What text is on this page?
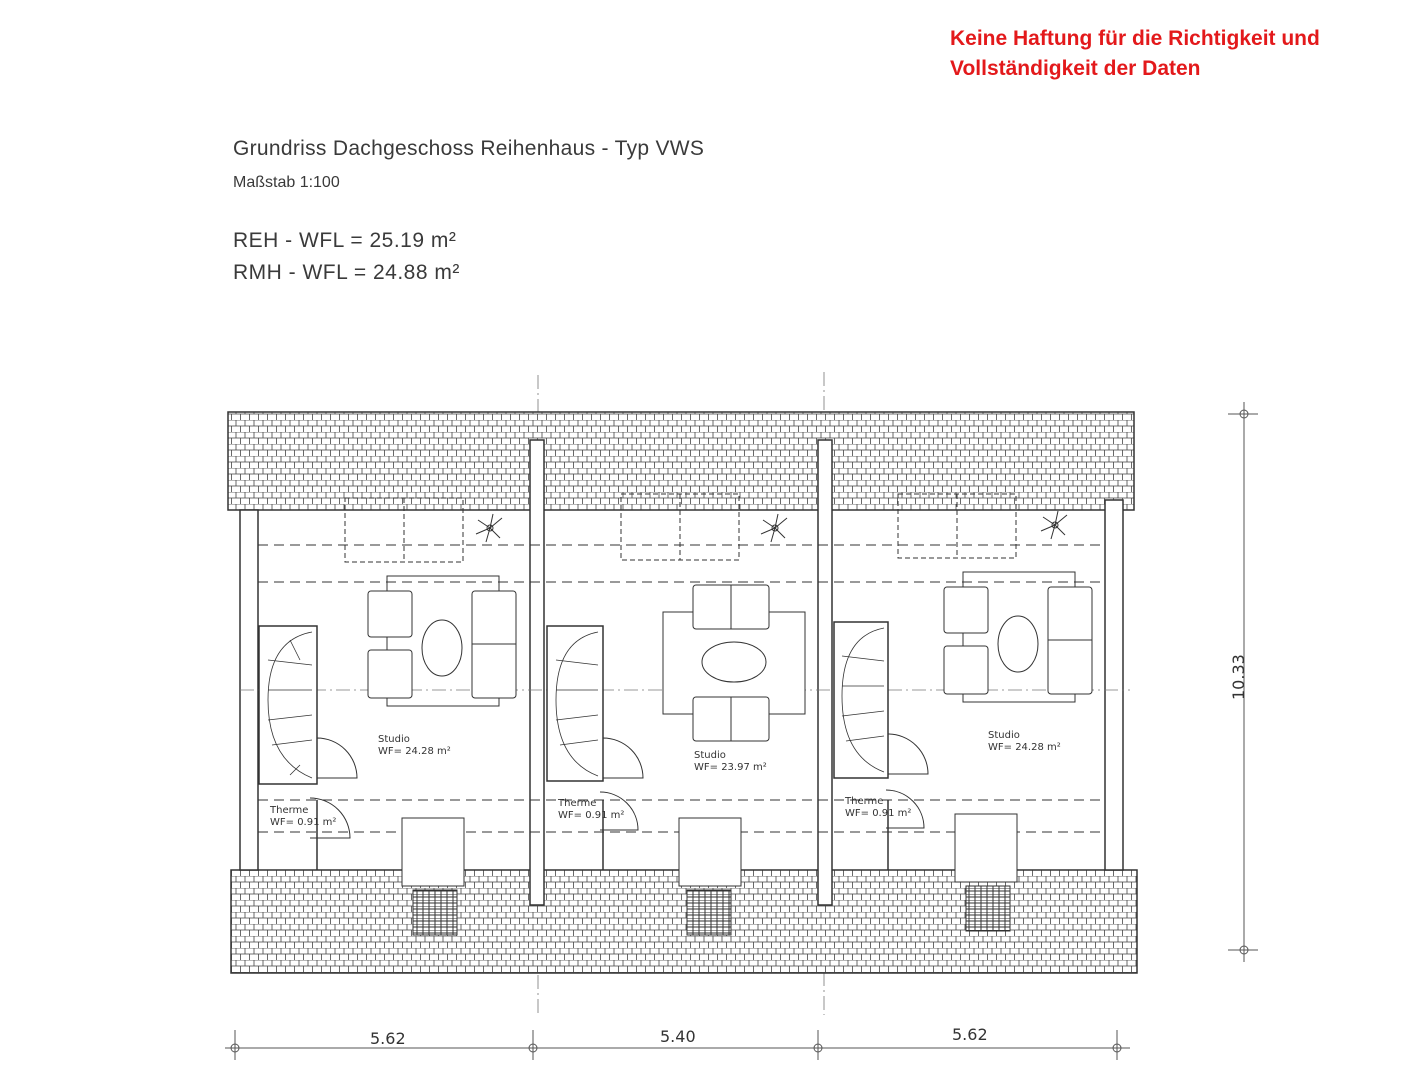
Keine Haftung für die Richtigkeit und
Vollständigkeit der Daten
Grundriss Dachgeschoss Reihenhaus - Typ VWS
Maßstab 1:100
REH - WFL = 25.19 m²
RMH - WFL = 24.88 m²
Studio
WF= 24.28 m²
Therme
WF= 0.91 m²
Studio
WF= 23.97 m²
Therme
WF= 0.91 m²
Studio
WF= 24.28 m²
Therme
WF= 0.91 m²
5.62	5.40	5.62
10.33
